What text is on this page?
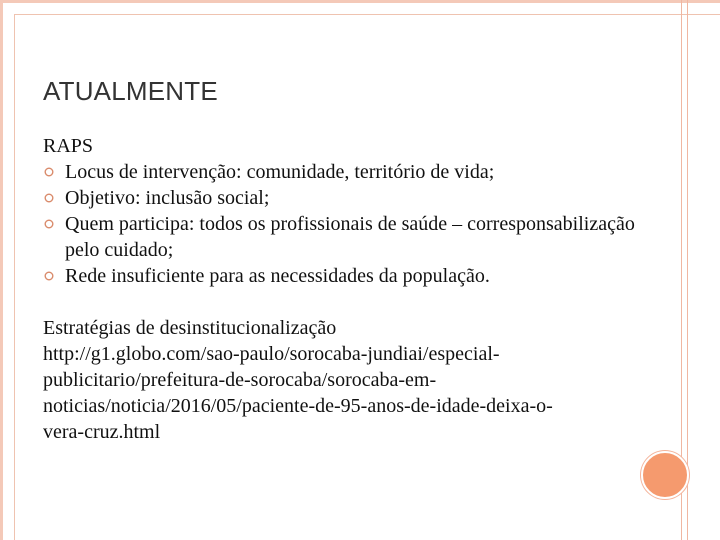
ATUALMENTE

RAPS

Locus de intervenção: comunidade, território de vida;
Objetivo: inclusão social;
Quem participa: todos os profissionais de saúde – corresponsabilização pelo cuidado;
Rede insuficiente para as necessidades da população.

Estratégias de desinstitucionalização

http://g1.globo.com/sao-paulo/sorocaba-jundiai/especial-
publicitario/prefeitura-de-sorocaba/sorocaba-em-
noticias/noticia/2016/05/paciente-de-95-anos-de-idade-deixa-o-
vera-cruz.html
